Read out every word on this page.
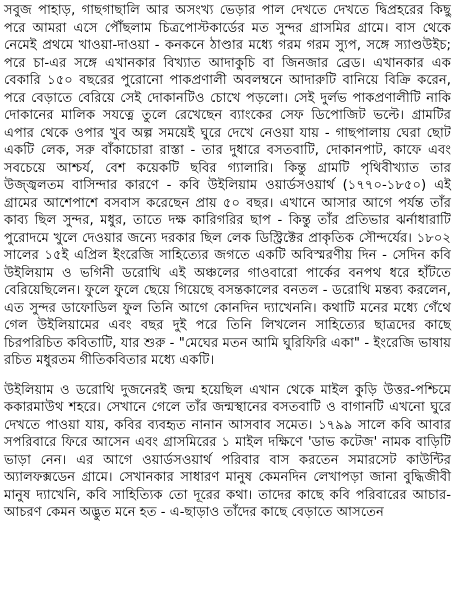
সবুজ পাহাড়, গাছগাছালি আর অসংখ্য ভেড়ার পাল দেখতে দেখতে দ্বিপ্রহরের কিছু পরে আমরা এসে পৌঁছলাম চিত্রপোস্টকার্ডের মত সুন্দর গ্রাসমির গ্রামে। বাস থেকে নেমেই প্রথমে খাওয়া-দাওয়া - কনকনে ঠাণ্ডার মধ্যে গরম গরম স্যুপ, সঙ্গে স্যাণ্ডউইচ; পরে চা-এর সঙ্গে এখানকার বিখ্যাত আদাকুচি বা জিনজার ব্রেড। এখানকার এক বেকারি ১৫০ বছরের পুরোনো পাকপ্রণালী অবলম্বনে আদারুটি বানিয়ে বিক্রি করেন, পরে বেড়াতে বেরিয়ে সেই দোকানটিও চোখে পড়লো। সেই দুর্লভ পাকপ্রণালীটি নাকি দোকানের মালিক সযত্নে তুলে রেখেছেন ব্যাংকের সেফ ডিপোজিট ভল্টে। গ্রামটির এপার থেকে ওপার খুব অল্প সময়েই ঘুরে দেখে নেওয়া যায় - গাছপালায় ঘেরা ছোট একটি লেক, সরু বাঁকাচোরা রাস্তা - তার দুধারে বসতবাটি, দোকানপাট, কাফে এবং সবচেয়ে আশ্চর্য, বেশ কয়েকটি ছবির গ্যালারি। কিন্তু গ্রামটি পৃথিবীখ্যাত তার উজ্জ্বলতম বাসিন্দার কারণে - কবি উইলিয়াম ওয়ার্ডসওয়ার্থ (১৭৭০-১৮৫০) এই গ্রামের আশেপাশে বসবাস করেছেন প্রায় ৫০ বছর। এখানে আসার আগে পর্যন্ত তাঁর কাব্য ছিল সুন্দর, মধুর, তাতে দক্ষ কারিগরির ছাপ - কিন্তু তাঁর প্রতিভার ঝর্নাধারাটি পুরোদমে খুলে দেওয়ার জন্যে দরকার ছিল লেক ডিস্ট্রিক্টের প্রাকৃতিক সৌন্দর্যের। ১৮০২ সালের ১৫ই এপ্রিল ইংরেজি সাহিত্যের জগতে একটি অবিস্মরণীয় দিন - সেদিন কবি উইলিয়াম ও ভগিনী ডরোথি এই অঞ্চলের গাওবারো পার্কের বনপথ ধরে হাঁটতে বেরিয়েছিলেন। ফুলে ফুলে ছেয়ে গিয়েছে বসন্তকালের বনতল - ডরোথি মন্তব্য করলেন, এত সুন্দর ডাফোডিল ফুল তিনি আগে কোনদিন দ্যাখেননি। কথাটি মনের মধ্যে গেঁথে গেল উইলিয়ামের এবং বছর দুই পরে তিনি লিখলেন সাহিত্যের ছাত্রদের কাছে চিরপরিচিত কবিতাটি, যার শুরু - "মেঘের মতন আমি ঘুরিফিরি একা" - ইংরেজি ভাষায় রচিত মধুরতম গীতিকবিতার মধ্যে একটি।

উইলিয়াম ও ডরোথি দুজনেরই জন্ম হয়েছিল এখান থেকে মাইল কুড়ি উত্তর-পশ্চিমে ককারমাউথ শহরে। সেখানে গেলে তাঁর জন্মস্থানের বসতবাটি ও বাগানটি এখনো ঘুরে দেখতে পাওয়া যায়, কবির ব্যবহৃত নানান আসবাব সমেত। ১৭৯৯ সালে কবি আবার সপরিবারে ফিরে আসেন এবং গ্রাসমিরের ১ মাইল দক্ষিণে 'ডাভ কটেজ' নামক বাড়িটি ভাড়া নেন। এর আগে ওয়ার্ডসওয়ার্থ পরিবার বাস করতেন সমারসেট কাউন্টির অ্যালফক্সডেন গ্রামে। সেখানকার সাধারণ মানুষ কেমনদিন লেখাপড়া জানা বুদ্ধিজীবী মানুষ দ্যাখেনি, কবি সাহিত্যিক তো দূরের কথা। তাদের কাছে কবি পরিবারের আচার-আচরণ কেমন অদ্ভুত মনে হত - এ-ছাড়াও তাঁদের কাছে বেড়াতে আসতেন
